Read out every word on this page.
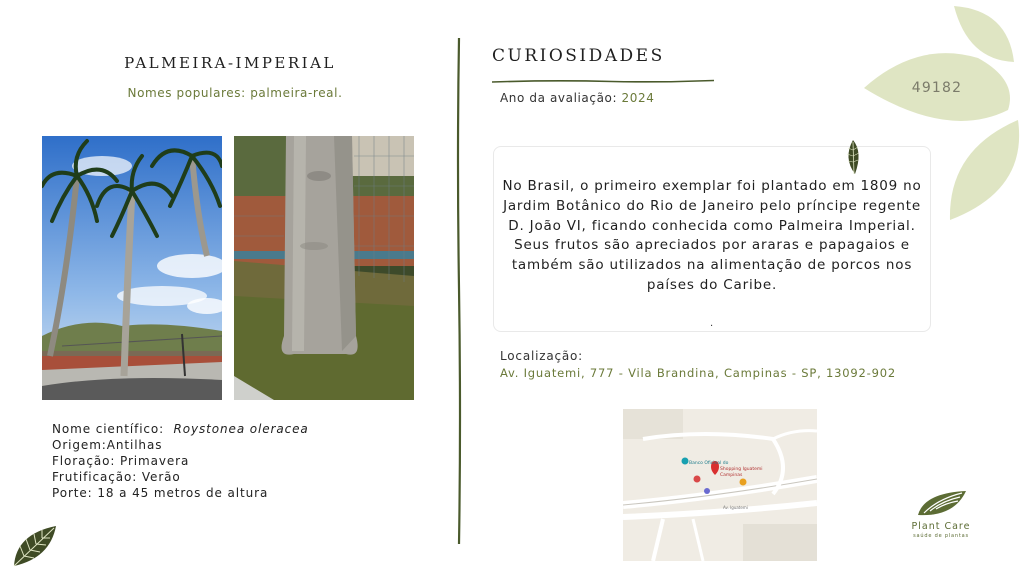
PALMEIRA-IMPERIAL
Nomes populares: palmeira-real.
Nome científico: Roystonea oleracea
Origem:Antilhas
Floração: Primavera
Frutificação: Verão
Porte: 18 a 45 metros de altura
CURIOSIDADES
Ano da avaliação: 2024
No Brasil, o primeiro exemplar foi plantado em 1809 no Jardim Botânico do Rio de Janeiro pelo príncipe regente D. João VI, ficando conhecida como Palmeira Imperial. Seus frutos são apreciados por araras e papagaios e também são utilizados na alimentação de porcos nos países do Caribe.
.
Localização:
Av. Iguatemi, 777 - Vila Brandina, Campinas - SP, 13092-902
Banco Oficinal do
Shopping Iguatemi
Campinas
Av. Iguatemi
49182
Plant Care
saúde de plantas
